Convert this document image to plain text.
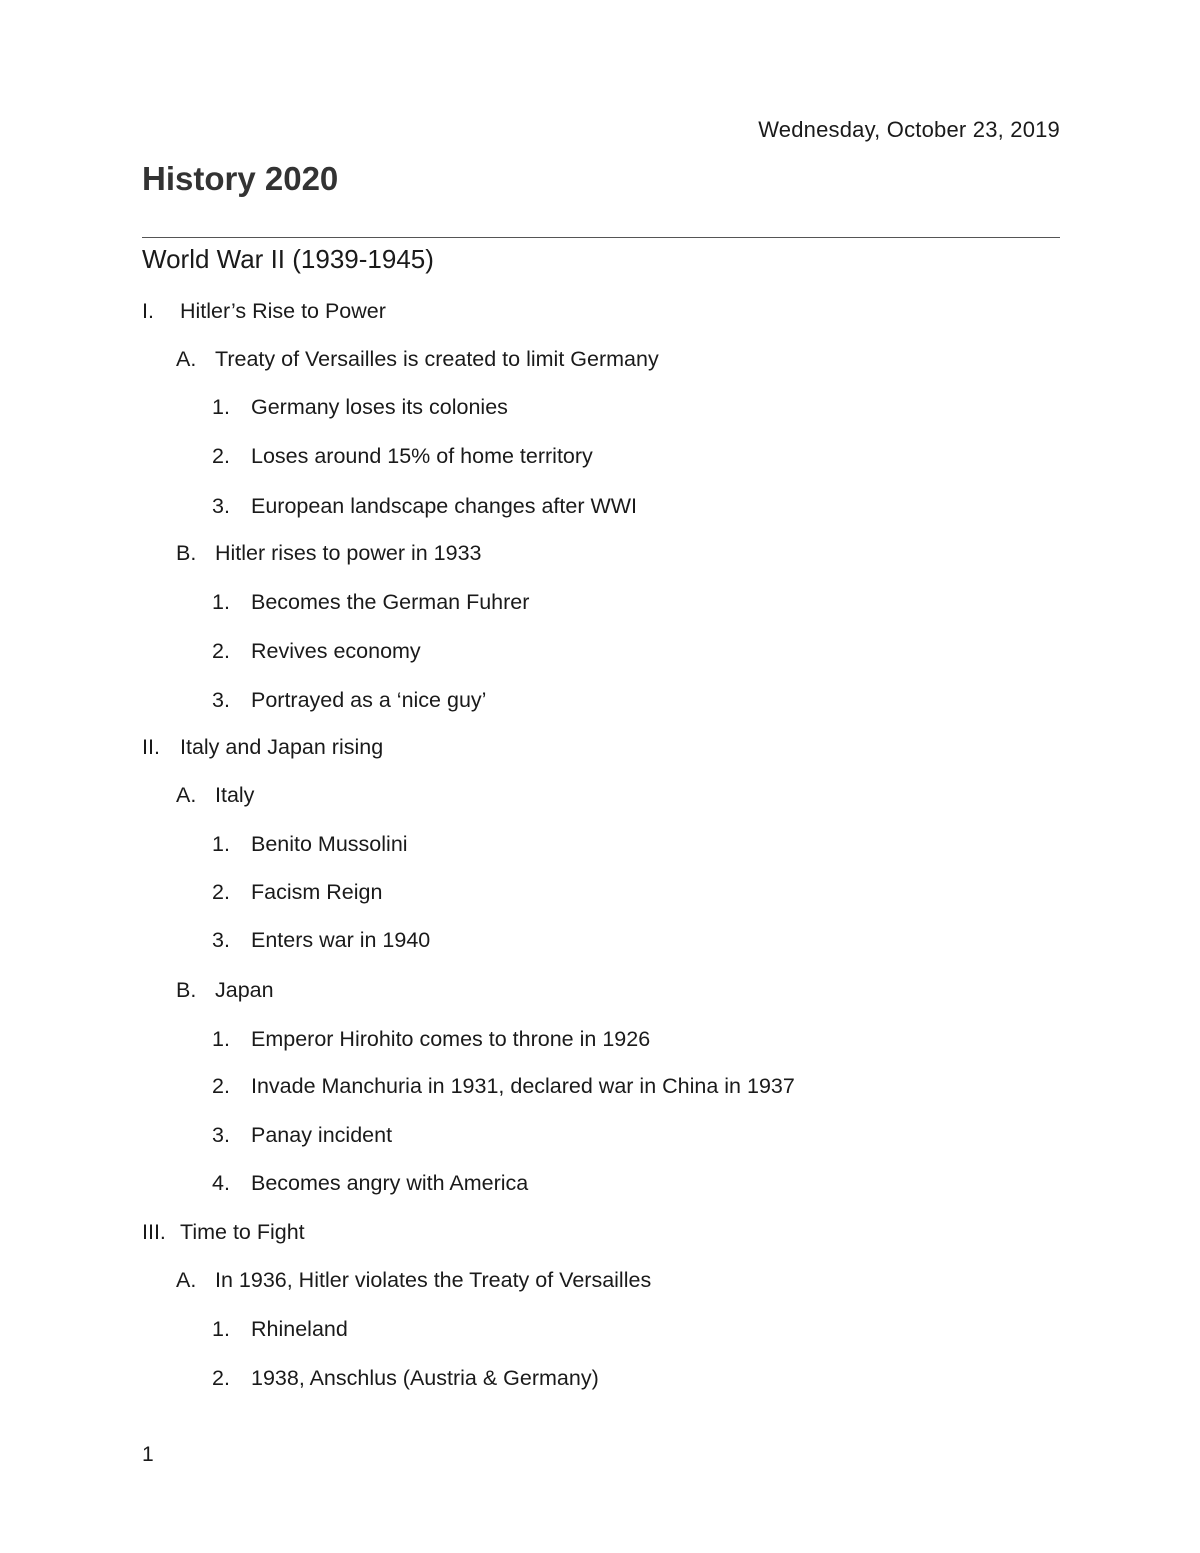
Wednesday, October 23, 2019
History 2020
World War II (1939-1945)
I. Hitler’s Rise to Power
A. Treaty of Versailles is created to limit Germany
1. Germany loses its colonies
2. Loses around 15% of home territory
3. European landscape changes after WWI
B. Hitler rises to power in 1933
1. Becomes the German Fuhrer
2. Revives economy
3. Portrayed as a ‘nice guy’
II. Italy and Japan rising
A. Italy
1. Benito Mussolini
2. Facism Reign
3. Enters war in 1940
B. Japan
1. Emperor Hirohito comes to throne in 1926
2. Invade Manchuria in 1931, declared war in China in 1937
3. Panay incident
4. Becomes angry with America
III. Time to Fight
A. In 1936, Hitler violates the Treaty of Versailles
1. Rhineland
2. 1938, Anschlus (Austria & Germany)
1
